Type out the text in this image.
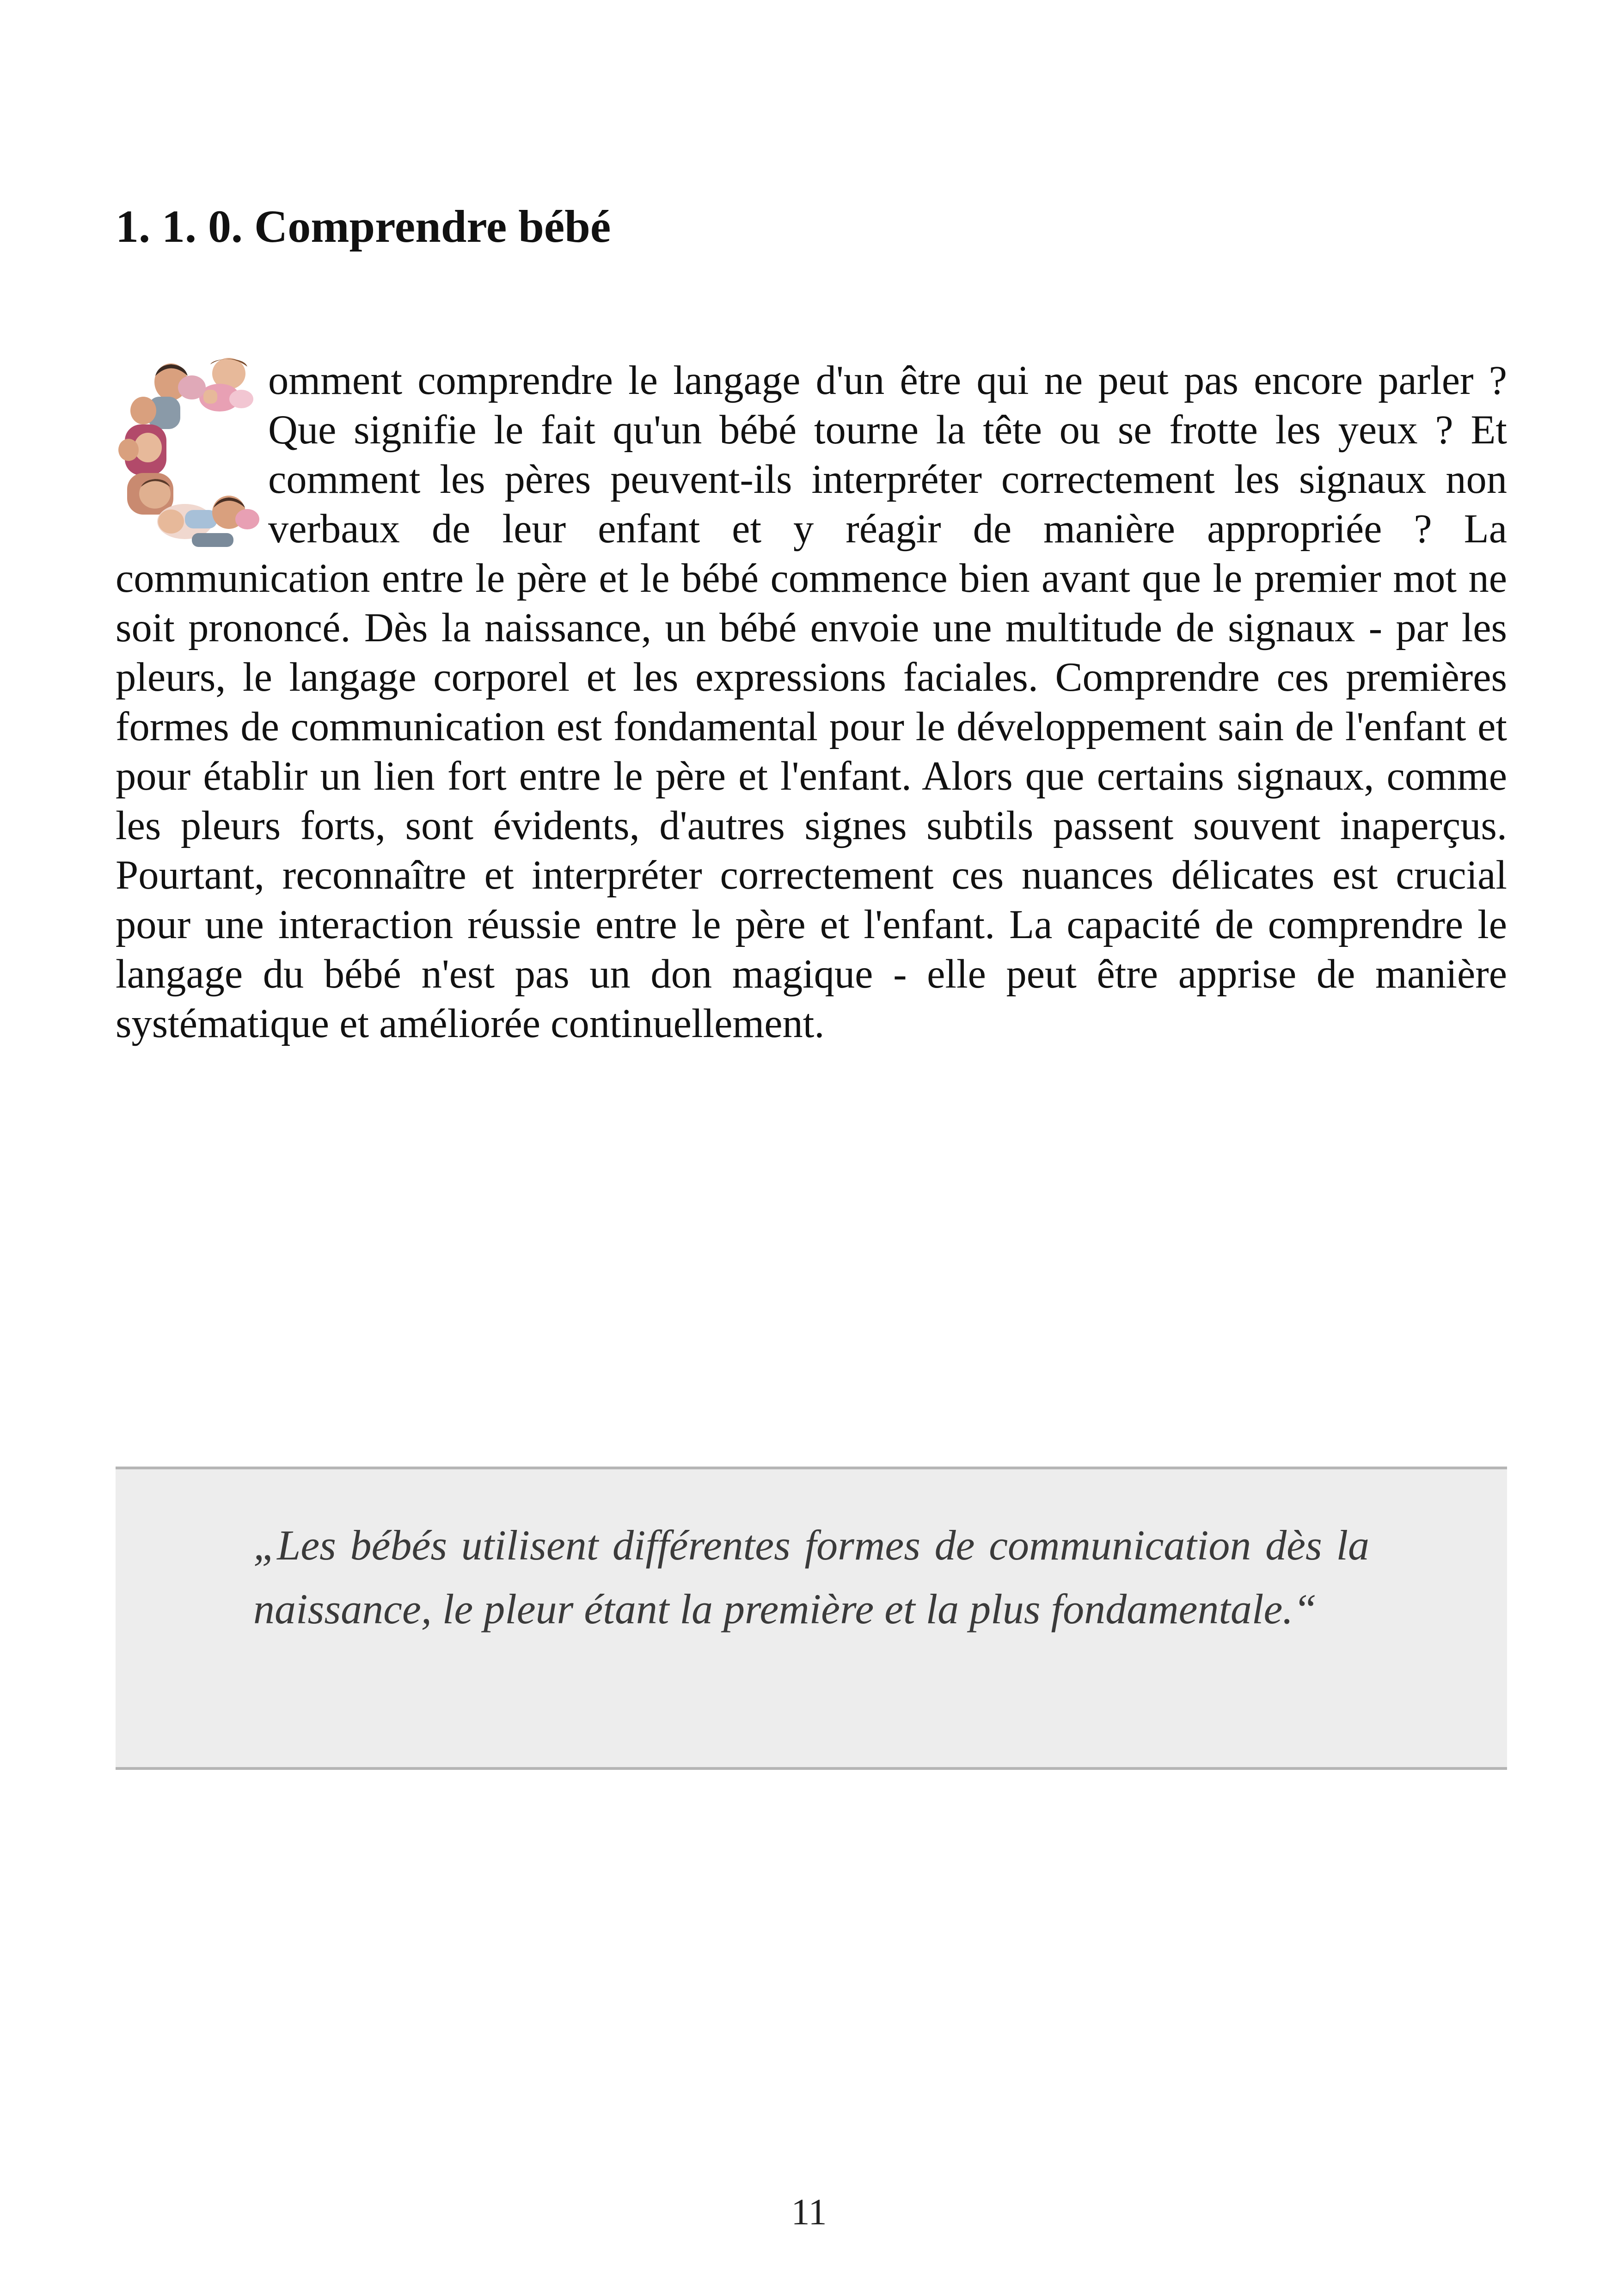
1. 1. 0. Comprendre bébé

omment comprendre le langage d'un être qui ne peut pas encore parler ? Que signifie le fait qu'un bébé tourne la tête ou se frotte les yeux ? Et comment les pères peuvent-ils interpréter correctement les signaux non verbaux de leur enfant et y réagir de manière appropriée ? La communication entre le père et le bébé commence bien avant que le premier mot ne soit prononcé. Dès la naissance, un bébé envoie une multitude de signaux - par les pleurs, le langage corporel et les expressions faciales. Comprendre ces premières formes de communication est fondamental pour le développement sain de l'enfant et pour établir un lien fort entre le père et l'enfant. Alors que certains signaux, comme les pleurs forts, sont évidents, d'autres signes subtils passent souvent inaperçus. Pourtant, reconnaître et interpréter correctement ces nuances délicates est crucial pour une interaction réussie entre le père et l'enfant. La capacité de comprendre le langage du bébé n'est pas un don magique - elle peut être apprise de manière systématique et améliorée continuellement.

„Les bébés utilisent différentes formes de communication dès la naissance, le pleur étant la première et la plus fondamentale.“

11
